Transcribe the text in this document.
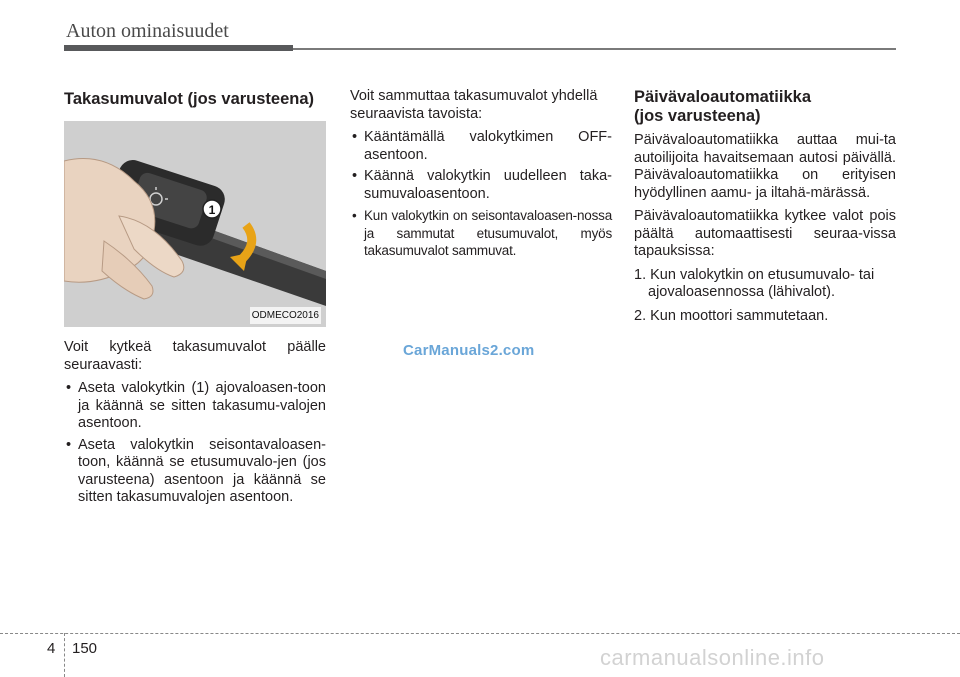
Auton ominaisuudet
Takasumuvalot (jos varusteena)
1
ODMECO2016

Voit kytkeä takasumuvalot päälle seuraavasti:

• Aseta valokytkin (1) ajovaloasen-toon ja käännä se sitten takasumu-valojen asentoon.
• Aseta valokytkin seisontavaloasen-toon, käännä se etusumuvalo-jen (jos varusteena) asentoon ja käännä se sitten takasumuvalojen asentoon.

Voit sammuttaa takasumuvalot yhdellä seuraavista tavoista:

• Kääntämällä valokytkimen OFF-asentoon.
• Käännä valokytkin uudelleen taka-sumuvaloasentoon.
• Kun valokytkin on seisontavaloasen-nossa ja sammutat etusumuvalot, myös takasumuvalot sammuvat.
Päivävaloautomatiikka
(jos varusteena)

Päivävaloautomatiikka auttaa mui-ta autoilijoita havaitsemaan autosi päivällä. Päivävaloautomatiikka on erityisen hyödyllinen aamu- ja iltahä-märässä.

Päivävaloautomatiikka kytkee valot pois päältä automaattisesti seuraa-vissa tapauksissa:

1. Kun valokytkin on etusumuvalo- tai ajovaloasennossa (lähivalot).
2. Kun moottori sammutetaan.
CarManuals2.com
4 150	carmanualsonline.info
